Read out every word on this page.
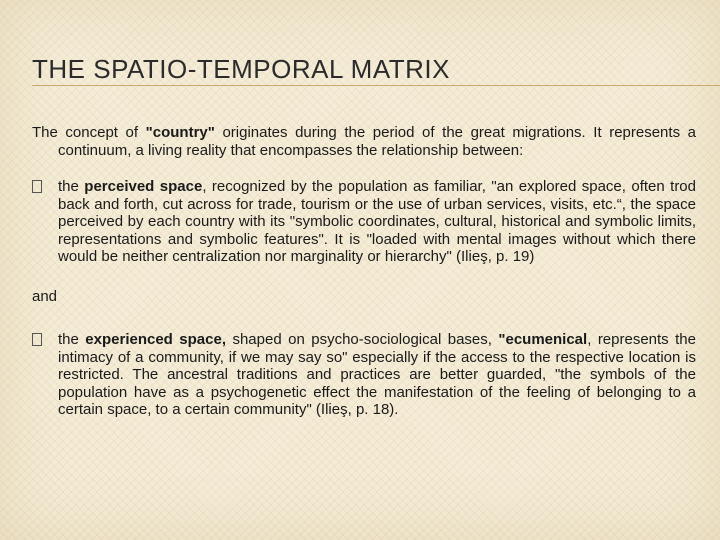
THE SPATIO-TEMPORAL MATRIX

The concept of "country" originates during the period of the great migrations. It represents a continuum, a living reality that encompasses the relationship between:

the perceived space, recognized by the population as familiar, "an explored space, often trod back and forth, cut across for trade, tourism or the use of urban services, visits, etc.“, the space perceived by each country with its "symbolic coordinates, cultural, historical and symbolic limits, representations and symbolic features". It is "loaded with mental images without which there would be neither centralization nor marginality or hierarchy" (Ilieş, p. 19)

and

the experienced space, shaped on psycho-sociological bases, "ecumenical, represents the intimacy of a community, if we may say so" especially if the access to the respective location is restricted. The ancestral traditions and practices are better guarded, "the symbols of the population have as a psychogenetic effect the manifestation of the feeling of belonging to a certain space, to a certain community" (Ilieş, p. 18).
